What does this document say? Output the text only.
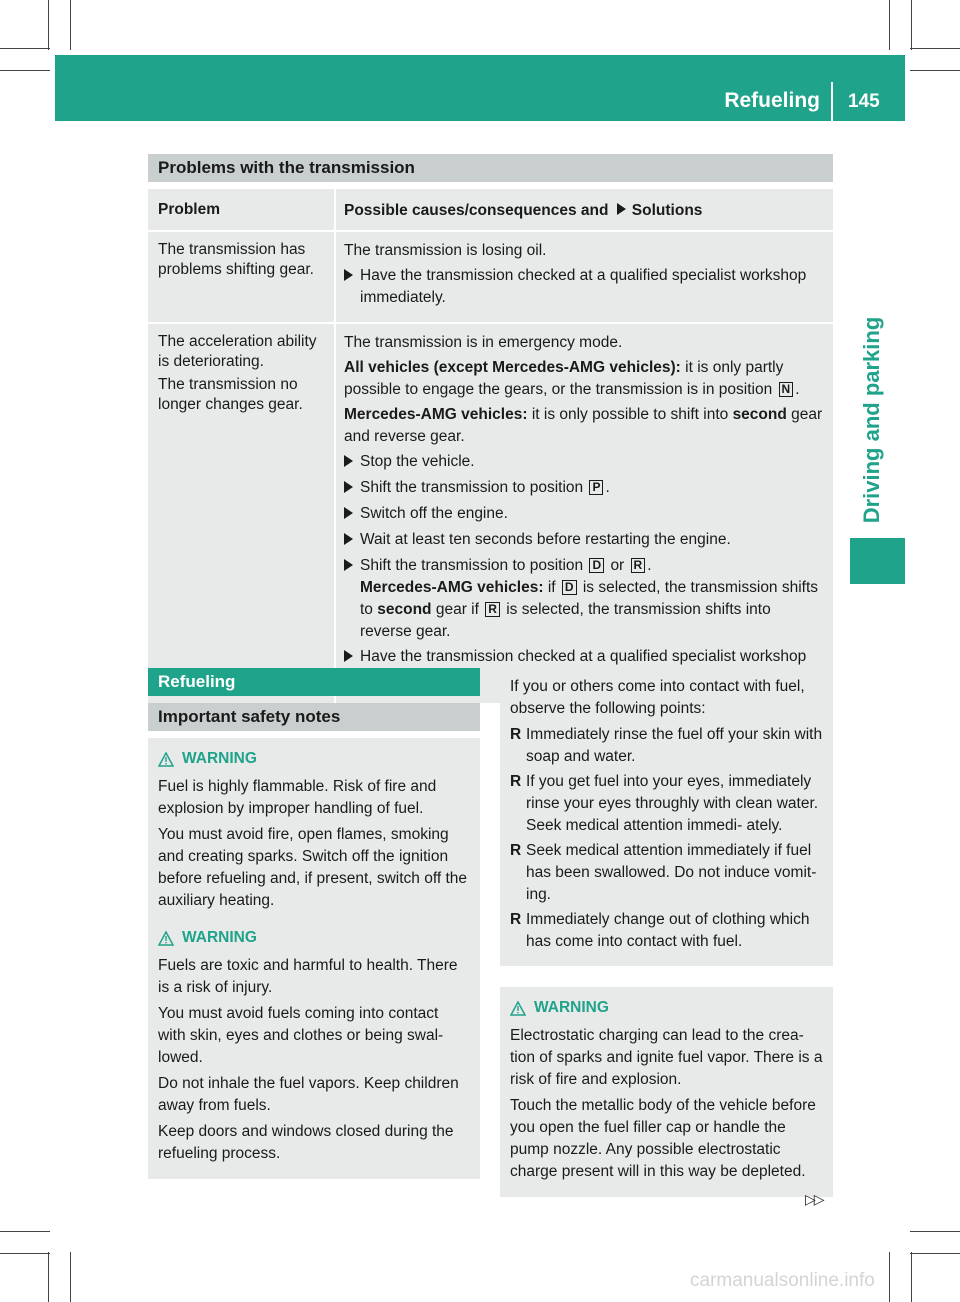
Refueling 145
Driving and parking
Problems with the transmission
Problem	Possible causes/consequences and Solutions
The transmission has problems shifting gear.
The transmission is losing oil.
Have the transmission checked at a qualified specialist workshop immediately.
The acceleration ability is deteriorating.
The transmission no longer changes gear.
The transmission is in emergency mode.
All vehicles (except Mercedes-AMG vehicles): it is only partly possible to engage the gears, or the transmission is in position N .
Mercedes-AMG vehicles: it is only possible to shift into second gear and reverse gear.
Stop the vehicle.
Shift the transmission to position P .
Switch off the engine.
Wait at least ten seconds before restarting the engine.
Shift the transmission to position D or R .
Mercedes-AMG vehicles: if D is selected, the transmission shifts to second gear if R is selected, the transmission shifts into reverse gear.
Have the transmission checked at a qualified specialist workshop
Refueling
Important safety notes
WARNING
Fuel is highly flammable. Risk of fire and explosion by improper handling of fuel.
You must avoid fire, open flames, smoking and creating sparks. Switch off the ignition before refueling and, if present, switch off the auxiliary heating.
WARNING
Fuels are toxic and harmful to health. There is a risk of injury.
You must avoid fuels coming into contact with skin, eyes and clothes or being swal- lowed.
Do not inhale the fuel vapors. Keep children away from fuels.
Keep doors and windows closed during the refueling process.
If you or others come into contact with fuel, observe the following points:
R Immediately rinse the fuel off your skin with soap and water.
R If you get fuel into your eyes, immediately rinse your eyes throughly with clean water. Seek medical attention immedi- ately.
R Seek medical attention immediately if fuel has been swallowed. Do not induce vomit- ing.
R Immediately change out of clothing which has come into contact with fuel.
WARNING
Electrostatic charging can lead to the crea- tion of sparks and ignite fuel vapor. There is a risk of fire and explosion.
Touch the metallic body of the vehicle before you open the fuel filler cap or handle the pump nozzle. Any possible electrostatic charge present will in this way be depleted.
▷▷
carmanualsonline.info
